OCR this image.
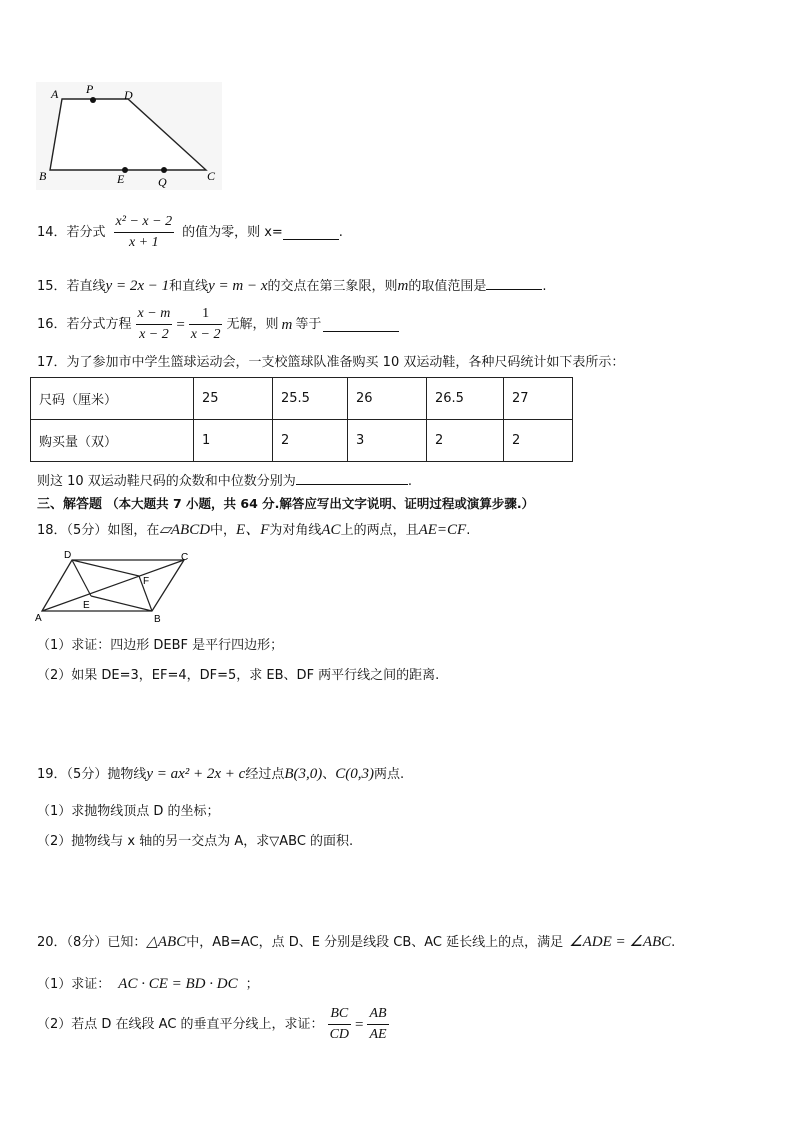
A P	D
B	E	Q	C
14．若分式 $\frac{\text{x² − x − 2}}{x + 1}$ 的值为零，则 x=	.
15．若直线y = 2x − 1和直线y = m − x的交点在第三象限，则m的取值范围是	.
16．若分式方程 $\frac{x - m}{x - 2} = \frac{1}{x - 2}$ 无解，则 m 等于
17．为了参加市中学生篮球运动会，一支校篮球队准备购买 10 双运动鞋，各种尺码统计如下表所示：
尺码（厘米）	25	25.5	26	26.5	27
购买量（双）	1	2	3	2	2
则这 10 双运动鞋尺码的众数和中位数分别为	.
三、解答题 （本大题共 7 小题，共 64 分.解答应写出文字说明、证明过程或演算步骤.）
18．（5分）如图，在▱ABCD中，E、F为对角线AC上的两点，且AE=CF.
D	C
F
E
A	B
（1）求证：四边形 DEBF 是平行四边形；
（2）如果 DE=3，EF=4，DF=5，求 EB、DF 两平行线之间的距离.
19．（5分）抛物线y = ax² + 2x + c经过点B(3,0)、C(0,3)两点.
（1）求抛物线顶点 D 的坐标；
（2）抛物线与 x 轴的另一交点为 A，求▽ABC 的面积.
20．（8分）已知：△ABC中，AB=AC，点 D、E 分别是线段 CB、AC 延长线上的点，满足 ∠ADE = ∠ABC.
（1）求证： AC · CE = BD · DC ；
（2）若点 D 在线段 AC 的垂直平分线上，求证： $\frac{BC}{CD} = \frac{AB}{AE}$
